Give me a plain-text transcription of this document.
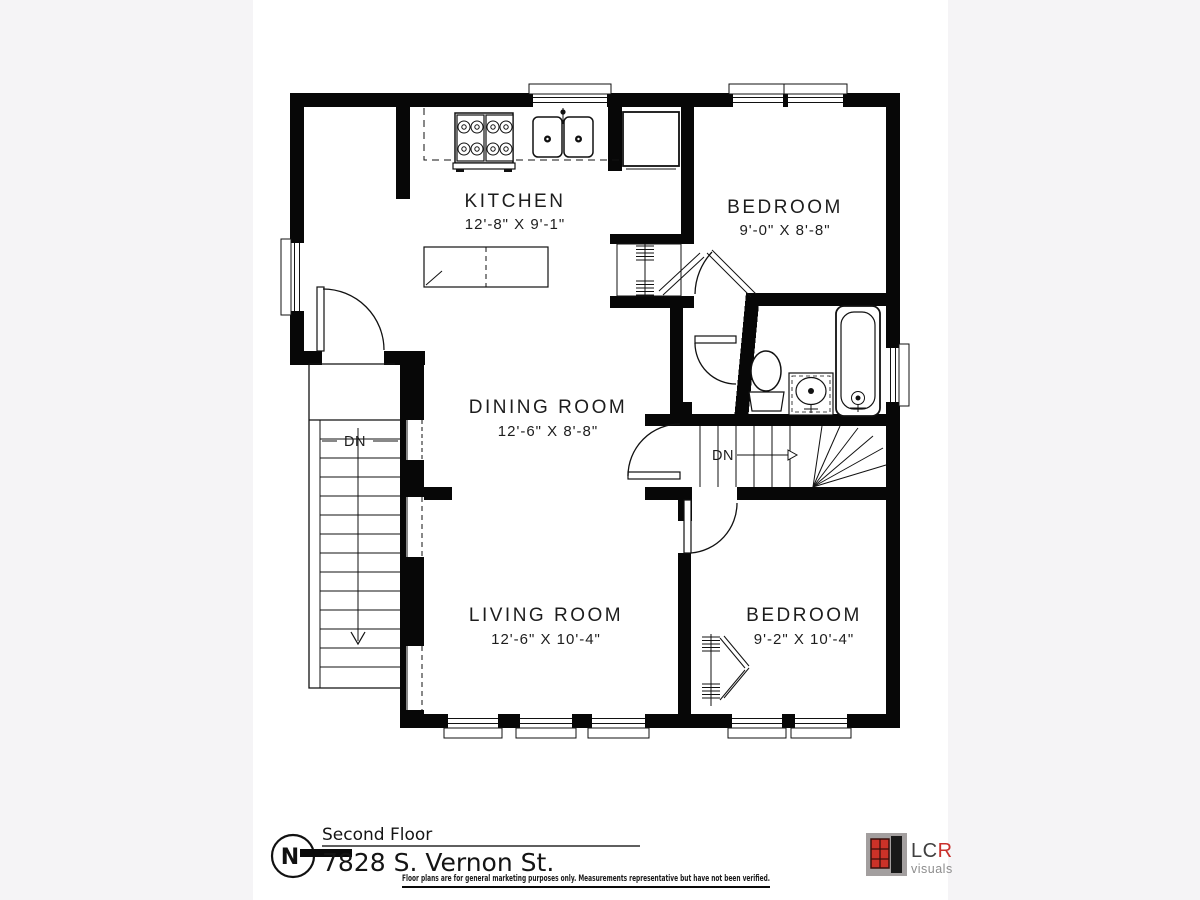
DN
DN
KITCHEN
12'-8" X 9'-1"
BEDROOM
9'-0" X 8'-8"
DINING ROOM
12'-6" X 8'-8"
LIVING ROOM
12'-6" X 10'-4"
BEDROOM
9'-2" X 10'-4"
N
Second Floor
7828 S. Vernon St.
Floor plans are for general marketing purposes only. Measurements representative but have not been verified.
LCR
visuals
